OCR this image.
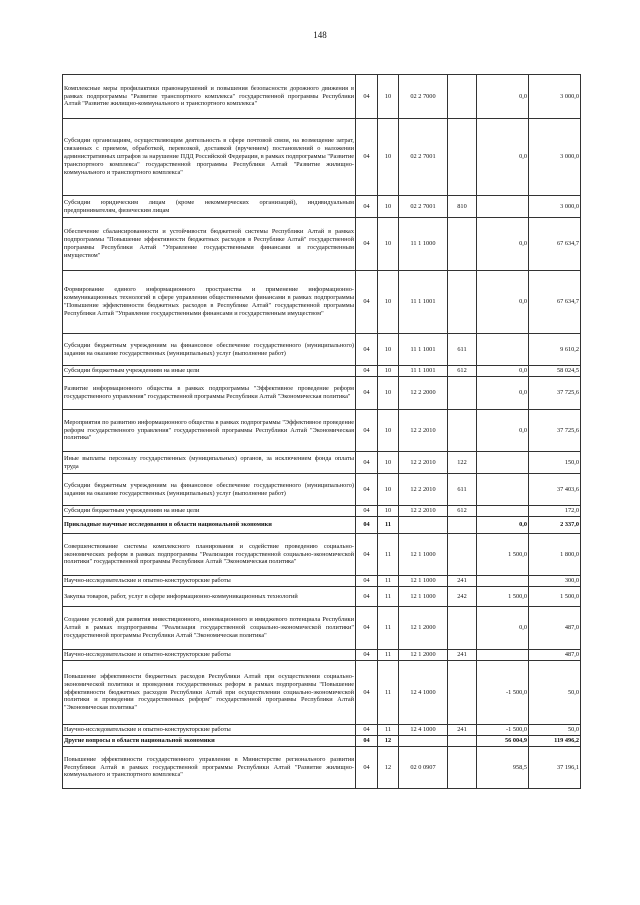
148
Комплексные меры профилактики правонарушений и повышения безопасности дорожного движения в рамках подпрограммы "Развитие транспортного комплекса" государственной программы Республики Алтай "Развитие жилищно-коммунального и транспортного комплекса"	04	10	02 2 7000		0,0	3 000,0
Субсидии организациям, осуществляющим деятельность в сфере почтовой связи, на возмещение затрат, связанных с приемом, обработкой, перевозкой, доставкой (вручением) постановлений о наложении административных штрафов за нарушение ПДД Российской Федерации, в рамках подпрограммы "Развитие транспортного комплекса" государственной программы Республики Алтай "Развитие жилищно-коммунального и транспортного комплекса"	04	10	02 2 7001		0,0	3 000,0
Субсидии юридическим лицам (кроме некоммерческих организаций), индивидуальным предпринимателям, физическим лицам	04	10	02 2 7001	810		3 000,0
Обеспечение сбалансированности и устойчивости бюджетной системы Республики Алтай в рамках подпрограммы "Повышение эффективности бюджетных расходов в Республике Алтай" государственной программы Республики Алтай "Управление государственными финансами и государственным имуществом"	04	10	11 1 1000		0,0	67 634,7
Формирование единого информационного пространства и применение информационно-коммуникационных технологий в сфере управления общественными финансами в рамках подпрограммы "Повышение эффективности бюджетных расходов в Республике Алтай" государственной программы Республики Алтай "Управление государственными финансами и государственным имуществом"	04	10	11 1 1001		0,0	67 634,7
Субсидии бюджетным учреждениям на финансовое обеспечение государственного (муниципального) задания на оказание государственных (муниципальных) услуг (выполнение работ)	04	10	11 1 1001	611		9 610,2
Субсидии бюджетным учреждениям на иные цели	04	10	11 1 1001	612	0,0	58 024,5
Развитие информационного общества в рамках подпрограммы "Эффективное проведение реформ государственного управления" государственной программы Республики Алтай "Экономическая политика"	04	10	12 2 2000		0,0	37 725,6
Мероприятия по развитию информационного общества в рамках подпрограммы "Эффективное проведение реформ государственного управления" государственной программы Республики Алтай "Экономическая политика"	04	10	12 2 2010		0,0	37 725,6
Иные выплаты персоналу государственных (муниципальных) органов, за исключением фонда оплаты труда	04	10	12 2 2010	122		150,0
Субсидии бюджетным учреждениям на финансовое обеспечение государственного (муниципального) задания на оказание государственных (муниципальных) услуг (выполнение работ)	04	10	12 2 2010	611		37 403,6
Субсидии бюджетным учреждениям на иные цели	04	10	12 2 2010	612		172,0
Прикладные научные исследования в области национальной экономики	04	11			0,0	2 337,0
Совершенствование системы комплексного планирования и содействие проведению социально-экономических реформ в рамках подпрограммы "Реализация государственной социально-экономической политики" государственной программы Республики Алтай "Экономическая политика"	04	11	12 1 1000		1 500,0	1 800,0
Научно-исследовательские и опытно-конструкторские работы	04	11	12 1 1000	241		300,0
Закупка товаров, работ, услуг в сфере информационно-коммуникационных технологий	04	11	12 1 1000	242	1 500,0	1 500,0
Создание условий для развития инвестиционного, инновационного и имиджевого потенциала Республики Алтай в рамках подпрограммы "Реализация государственной социально-экономической политики" государственной программы Республики Алтай "Экономическая политика"	04	11	12 1 2000		0,0	487,0
Научно-исследовательские и опытно-конструкторские работы	04	11	12 1 2000	241		487,0
Повышение эффективности бюджетных расходов Республики Алтай при осуществлении социально-экономической политики и проведения государственных реформ в рамках подпрограммы "Повышение эффективности бюджетных расходов Республики Алтай при осуществлении социально-экономической политики и проведении государственных реформ" государственной программы Республики Алтай "Экономическая политика"	04	11	12 4 1000		-1 500,0	50,0
Научно-исследовательские и опытно-конструкторские работы	04	11	12 4 1000	241	-1 500,0	50,0
Другие вопросы в области национальной экономики	04	12			56 004,9	119 496,2
Повышение эффективности государственного управления в Министерстве регионального развития Республики Алтай в рамках государственной программы Республики Алтай "Развитие жилищно-коммунального и транспортного комплекса"	04	12	02 0 0907		958,5	37 196,1
